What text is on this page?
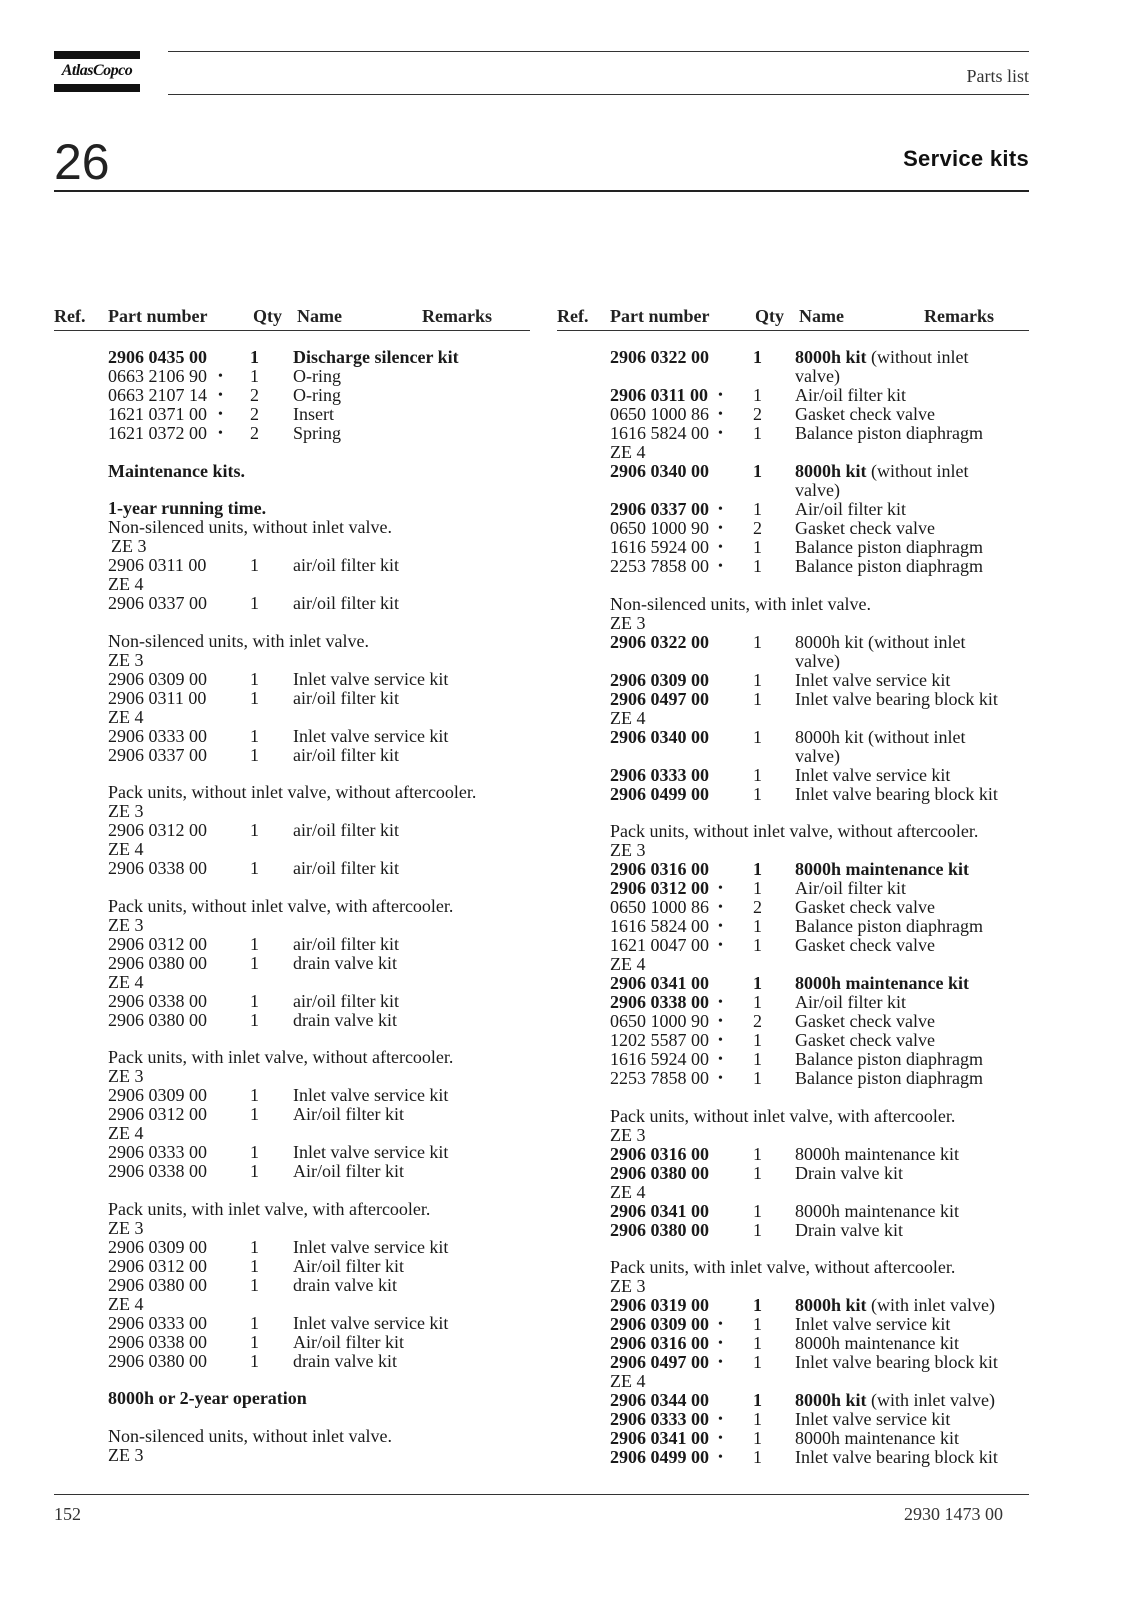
AtlasCopco	Parts list
26	Service kits
Ref. Part number	Qty Name	Remarks	Ref. Part number	Qty Name	Remarks
2906 0435 00 1 Discharge silencer kit
0663 2106 90 • 1 O-ring
0663 2107 14 • 2 O-ring
1621 0371 00 • 2 Insert
1621 0372 00 • 2 Spring
Maintenance kits.
1-year running time.
Non-silenced units, without inlet valve.
ZE 3
2906 0311 00 1 air/oil filter kit
ZE 4
2906 0337 00 1 air/oil filter kit
Non-silenced units, with inlet valve.
ZE 3
2906 0309 00 1 Inlet valve service kit
2906 0311 00 1 air/oil filter kit
ZE 4
2906 0333 00 1 Inlet valve service kit
2906 0337 00 1 air/oil filter kit
Pack units, without inlet valve, without aftercooler.
ZE 3
2906 0312 00 1 air/oil filter kit
ZE 4
2906 0338 00 1 air/oil filter kit
Pack units, without inlet valve, with aftercooler.
ZE 3
2906 0312 00 1 air/oil filter kit
2906 0380 00 1 drain valve kit
ZE 4
2906 0338 00 1 air/oil filter kit
2906 0380 00 1 drain valve kit
Pack units, with inlet valve, without aftercooler.
ZE 3
2906 0309 00 1 Inlet valve service kit
2906 0312 00 1 Air/oil filter kit
ZE 4
2906 0333 00 1 Inlet valve service kit
2906 0338 00 1 Air/oil filter kit
Pack units, with inlet valve, with aftercooler.
ZE 3
2906 0309 00 1 Inlet valve service kit
2906 0312 00 1 Air/oil filter kit
2906 0380 00 1 drain valve kit
ZE 4
2906 0333 00 1 Inlet valve service kit
2906 0338 00 1 Air/oil filter kit
2906 0380 00 1 drain valve kit
8000h or 2-year operation
Non-silenced units, without inlet valve.
ZE 3
2906 0322 00 1 8000h kit (without inlet
valve)
2906 0311 00 • 1 Air/oil filter kit
0650 1000 86 • 2 Gasket check valve
1616 5824 00 • 1 Balance piston diaphragm
ZE 4
2906 0340 00 1 8000h kit (without inlet
valve)
2906 0337 00 • 1 Air/oil filter kit
0650 1000 90 • 2 Gasket check valve
1616 5924 00 • 1 Balance piston diaphragm
2253 7858 00 • 1 Balance piston diaphragm
Non-silenced units, with inlet valve.
ZE 3
2906 0322 00 1 8000h kit (without inlet
valve)
2906 0309 00 1 Inlet valve service kit
2906 0497 00 1 Inlet valve bearing block kit
ZE 4
2906 0340 00 1 8000h kit (without inlet
valve)
2906 0333 00 1 Inlet valve service kit
2906 0499 00 1 Inlet valve bearing block kit
Pack units, without inlet valve, without aftercooler.
ZE 3
2906 0316 00 1 8000h maintenance kit
2906 0312 00 • 1 Air/oil filter kit
0650 1000 86 • 2 Gasket check valve
1616 5824 00 • 1 Balance piston diaphragm
1621 0047 00 • 1 Gasket check valve
ZE 4
2906 0341 00 1 8000h maintenance kit
2906 0338 00 • 1 Air/oil filter kit
0650 1000 90 • 2 Gasket check valve
1202 5587 00 • 1 Gasket check valve
1616 5924 00 • 1 Balance piston diaphragm
2253 7858 00 • 1 Balance piston diaphragm
Pack units, without inlet valve, with aftercooler.
ZE 3
2906 0316 00 1 8000h maintenance kit
2906 0380 00 1 Drain valve kit
ZE 4
2906 0341 00 1 8000h maintenance kit
2906 0380 00 1 Drain valve kit
Pack units, with inlet valve, without aftercooler.
ZE 3
2906 0319 00 1 8000h kit (with inlet valve)
2906 0309 00 • 1 Inlet valve service kit
2906 0316 00 • 1 8000h maintenance kit
2906 0497 00 • 1 Inlet valve bearing block kit
ZE 4
2906 0344 00 1 8000h kit (with inlet valve)
2906 0333 00 • 1 Inlet valve service kit
2906 0341 00 • 1 8000h maintenance kit
2906 0499 00 • 1 Inlet valve bearing block kit
152	2930 1473 00
